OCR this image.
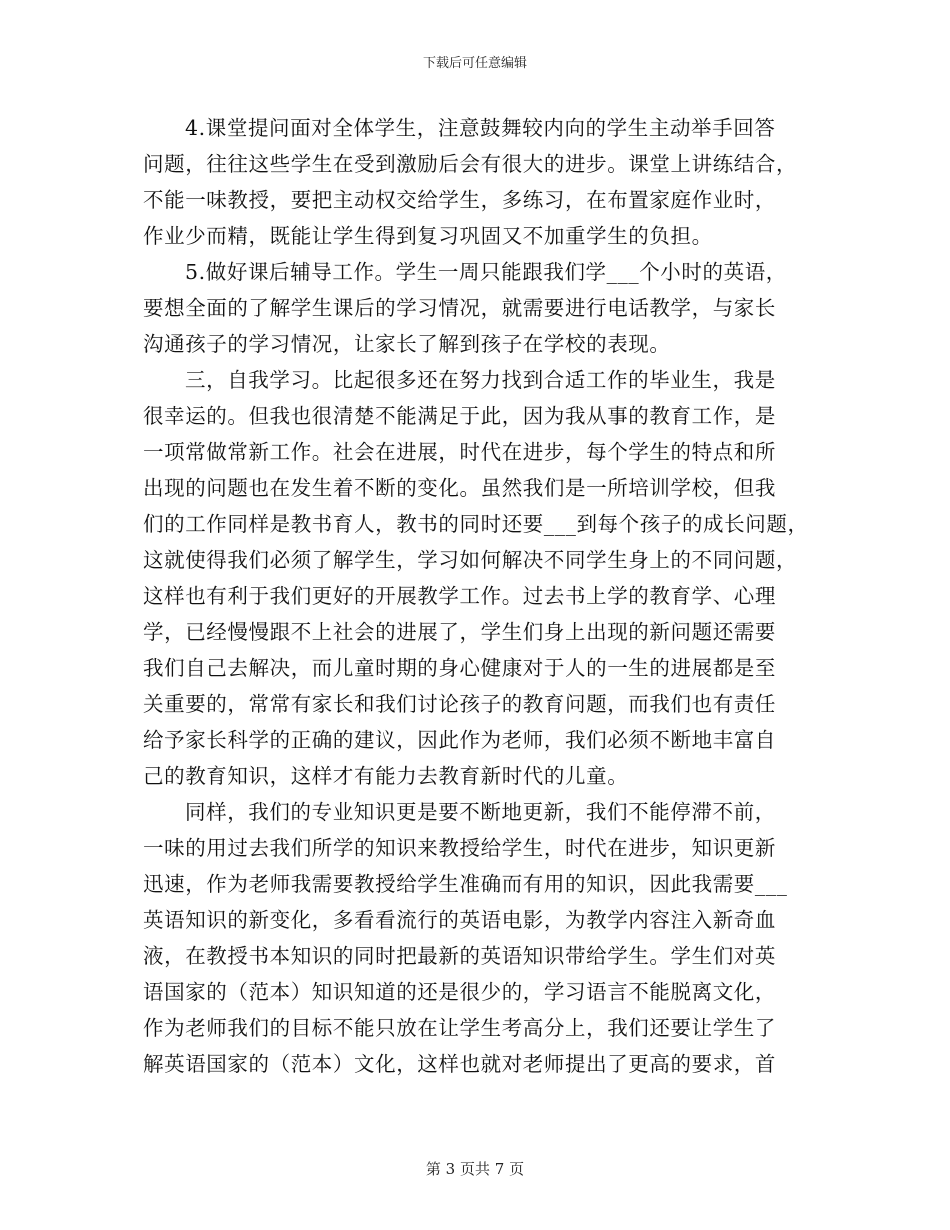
下载后可任意编辑
4.课堂提问面对全体学生，注意鼓舞较内向的学生主动举手回答
问题，往往这些学生在受到激励后会有很大的进步。课堂上讲练结合，
不能一味教授，要把主动权交给学生，多练习，在布置家庭作业时，
作业少而精，既能让学生得到复习巩固又不加重学生的负担。
5.做好课后辅导工作。学生一周只能跟我们学___个小时的英语，
要想全面的了解学生课后的学习情况，就需要进行电话教学，与家长
沟通孩子的学习情况，让家长了解到孩子在学校的表现。
三，自我学习。比起很多还在努力找到合适工作的毕业生，我是
很幸运的。但我也很清楚不能满足于此，因为我从事的教育工作，是
一项常做常新工作。社会在进展，时代在进步，每个学生的特点和所
出现的问题也在发生着不断的变化。虽然我们是一所培训学校，但我
们的工作同样是教书育人，教书的同时还要___到每个孩子的成长问题，
这就使得我们必须了解学生，学习如何解决不同学生身上的不同问题，
这样也有利于我们更好的开展教学工作。过去书上学的教育学、心理
学，已经慢慢跟不上社会的进展了，学生们身上出现的新问题还需要
我们自己去解决，而儿童时期的身心健康对于人的一生的进展都是至
关重要的，常常有家长和我们讨论孩子的教育问题，而我们也有责任
给予家长科学的正确的建议，因此作为老师，我们必须不断地丰富自
己的教育知识，这样才有能力去教育新时代的儿童。
同样，我们的专业知识更是要不断地更新，我们不能停滞不前，
一味的用过去我们所学的知识来教授给学生，时代在进步，知识更新
迅速，作为老师我需要教授给学生准确而有用的知识，因此我需要___
英语知识的新变化，多看看流行的英语电影，为教学内容注入新奇血
液，在教授书本知识的同时把最新的英语知识带给学生。学生们对英
语国家的（范本）知识知道的还是很少的，学习语言不能脱离文化，
作为老师我们的目标不能只放在让学生考高分上，我们还要让学生了
解英语国家的（范本）文化，这样也就对老师提出了更高的要求，首
第 3 页共 7 页
